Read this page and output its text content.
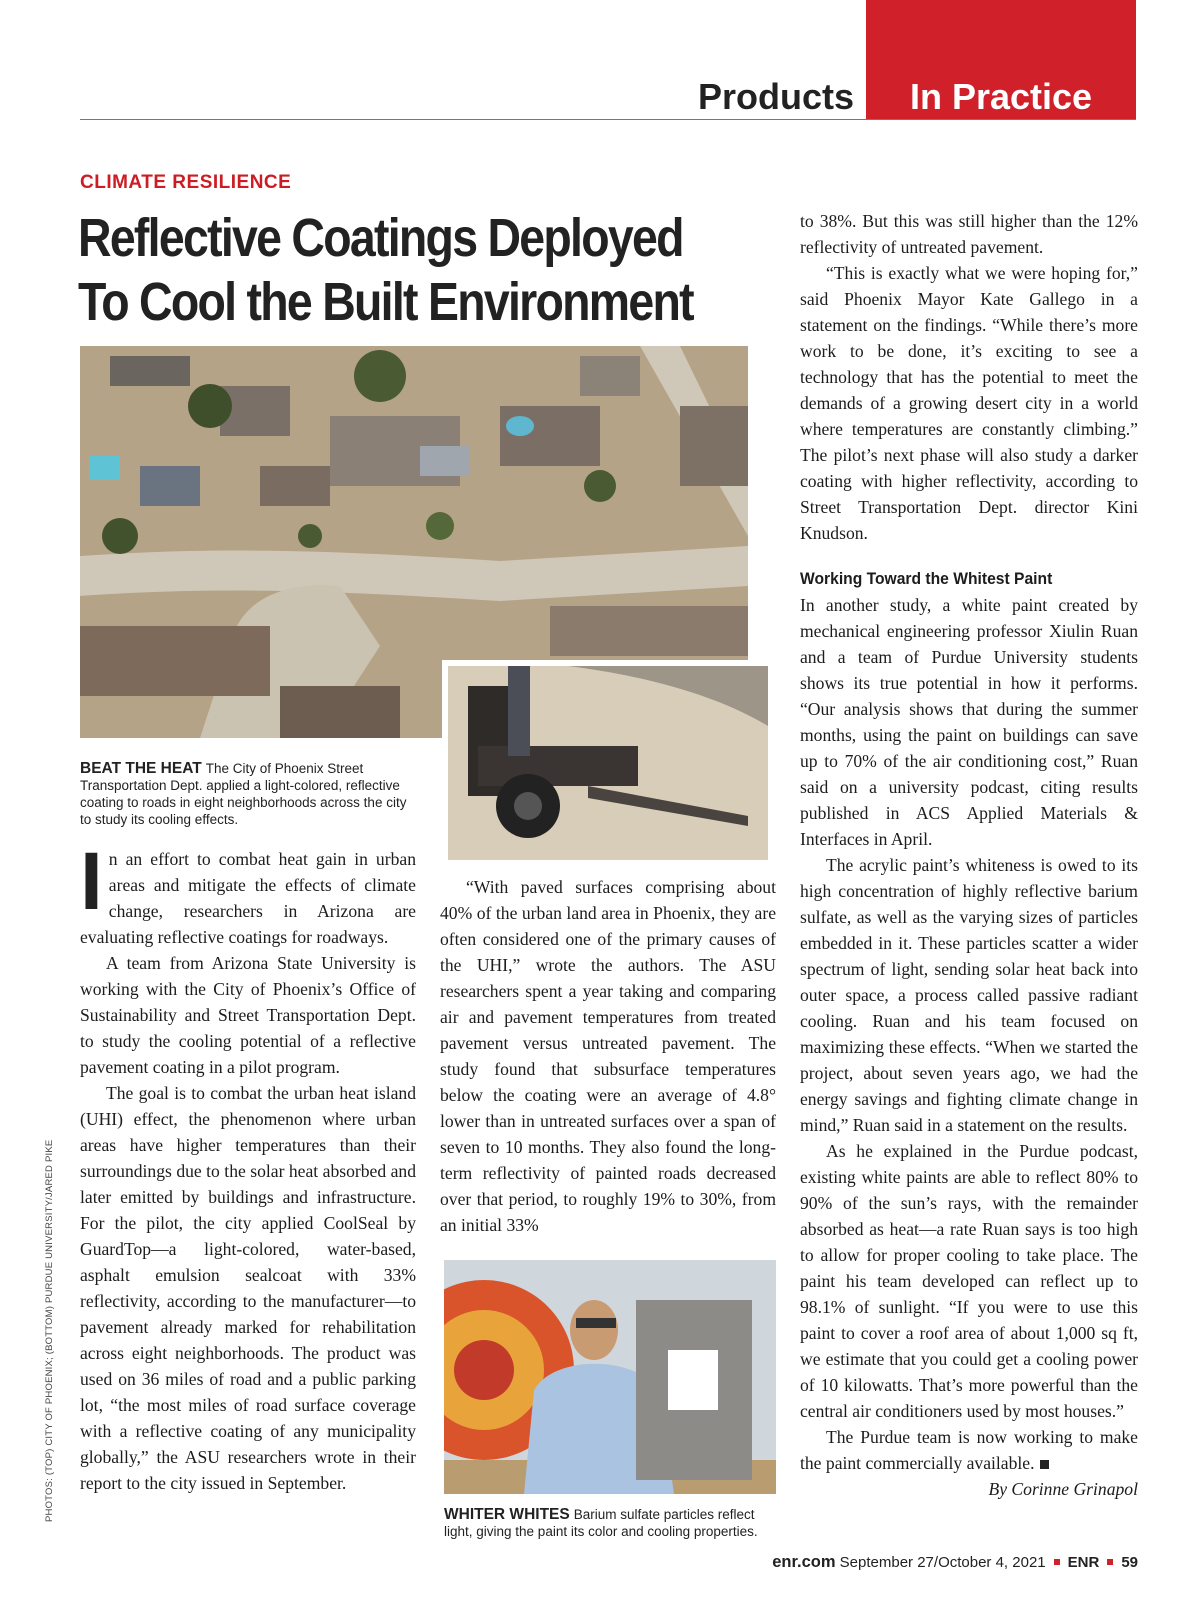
Products	In Practice
CLIMATE RESILIENCE
Reflective Coatings Deployed
To Cool the Built Environment
BEAT THE HEAT The City of Phoenix Street Transportation Dept. applied a light-colored, reflective coating to roads in eight neighborhoods across the city to study its cooling effects.

In an effort to combat heat gain in urban areas and mitigate the effects of climate change, researchers in Arizona are evaluating reflective coatings for roadways.

A team from Arizona State University is working with the City of Phoenix’s Office of Sustainability and Street Transportation Dept. to study the cooling potential of a reflective pavement coating in a pilot program.

The goal is to combat the urban heat island (UHI) effect, the phenomenon where urban areas have higher temperatures than their surroundings due to the solar heat absorbed and later emitted by buildings and infrastructure. For the pilot, the city applied CoolSeal by GuardTop—a light-colored, water-based, asphalt emulsion sealcoat with 33% reflectivity, according to the manufacturer—to pavement already marked for rehabilitation across eight neighborhoods. The product was used on 36 miles of road and a public parking lot, “the most miles of road surface coverage with a reflective coating of any municipality globally,” the ASU researchers wrote in their report to the city issued in September.

“With paved surfaces comprising about 40% of the urban land area in Phoenix, they are often considered one of the primary causes of the UHI,” wrote the authors. The ASU researchers spent a year taking and comparing air and pavement temperatures from treated pavement versus untreated pavement. The study found that subsurface temperatures below the coating were an average of 4.8° lower than in untreated surfaces over a span of seven to 10 months. They also found the long-term reflectivity of painted roads decreased over that period, to roughly 19% to 30%, from an initial 33%

WHITER WHITES Barium sulfate particles reflect light, giving the paint its color and cooling properties.

to 38%. But this was still higher than the 12% reflectivity of untreated pavement.

“This is exactly what we were hoping for,” said Phoenix Mayor Kate Gallego in a statement on the findings. “While there’s more work to be done, it’s exciting to see a technology that has the potential to meet the demands of a growing desert city in a world where temperatures are constantly climbing.” The pilot’s next phase will also study a darker coating with higher reflectivity, according to Street Transportation Dept. director Kini Knudson.

Working Toward the Whitest Paint

In another study, a white paint created by mechanical engineering professor Xiulin Ruan and a team of Purdue University students shows its true potential in how it performs. “Our analysis shows that during the summer months, using the paint on buildings can save up to 70% of the air conditioning cost,” Ruan said on a university podcast, citing results published in ACS Applied Materials & Interfaces in April.

The acrylic paint’s whiteness is owed to its high concentration of highly reflective barium sulfate, as well as the varying sizes of particles embedded in it. These particles scatter a wider spectrum of light, sending solar heat back into outer space, a process called passive radiant cooling. Ruan and his team focused on maximizing these effects. “When we started the project, about seven years ago, we had the energy savings and fighting climate change in mind,” Ruan said in a statement on the results.

As he explained in the Purdue podcast, existing white paints are able to reflect 80% to 90% of the sun’s rays, with the remainder absorbed as heat—a rate Ruan says is too high to allow for proper cooling to take place. The paint his team developed can reflect up to 98.1% of sunlight. “If you were to use this paint to cover a roof area of about 1,000 sq ft, we estimate that you could get a cooling power of 10 kilowatts. That’s more powerful than the central air conditioners used by most houses.”

The Purdue team is now working to make the paint commercially available.

By Corinne Grinapol

PHOTOS: (TOP) CITY OF PHOENIX; (BOTTOM) PURDUE UNIVERSITY/JARED PIKE
enr.com September 27/October 4, 2021 ENR 59
